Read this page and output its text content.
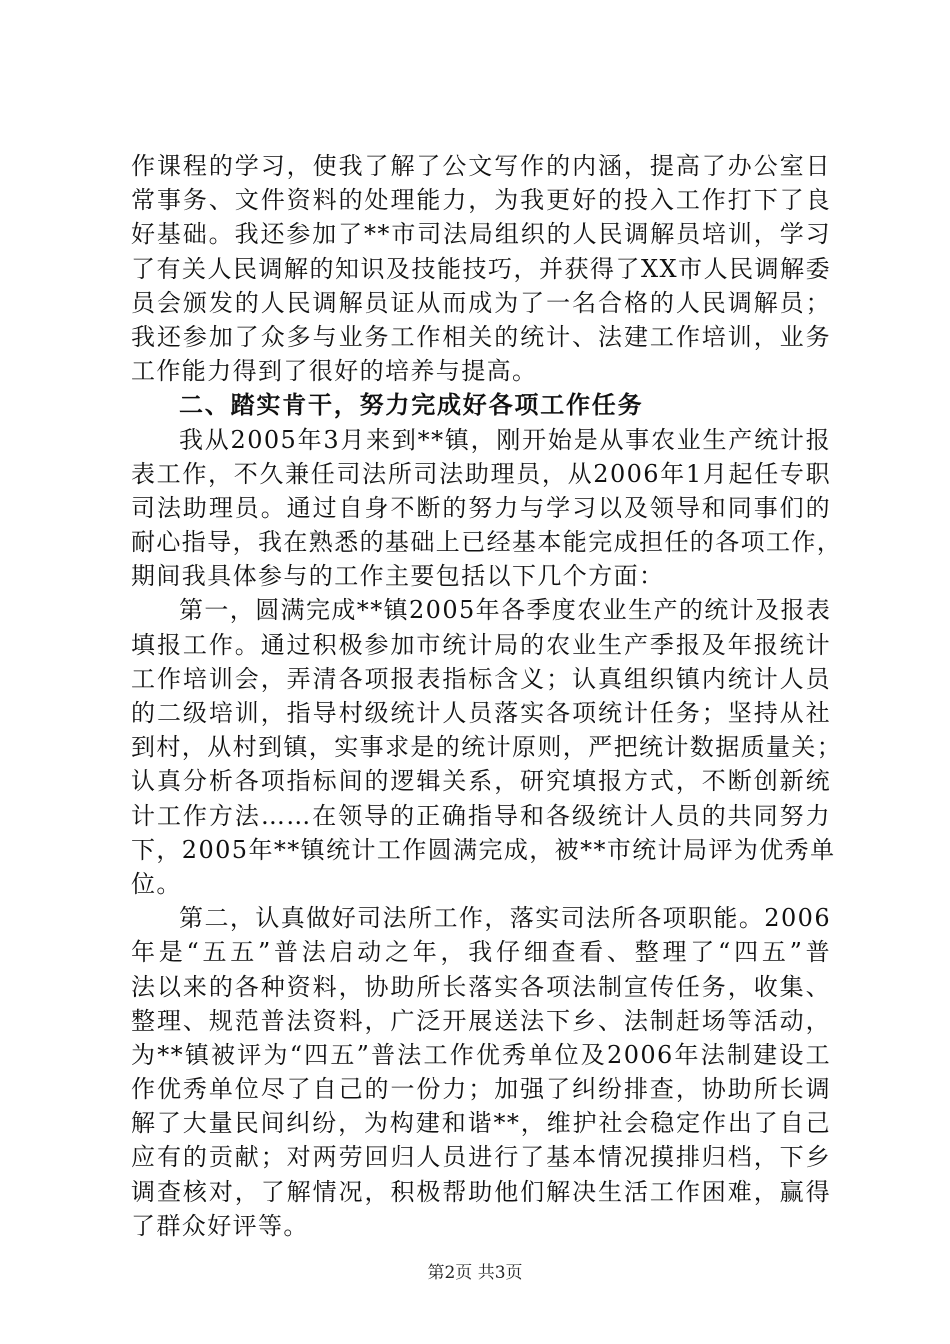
作课程的学习，使我了解了公文写作的内涵，提高了办公室日
常事务、文件资料的处理能力，为我更好的投入工作打下了良
好基础。我还参加了**市司法局组织的人民调解员培训，学习
了有关人民调解的知识及技能技巧，并获得了XX市人民调解委
员会颁发的人民调解员证从而成为了一名合格的人民调解员；
我还参加了众多与业务工作相关的统计、法建工作培训，业务
工作能力得到了很好的培养与提高。
二、踏实肯干，努力完成好各项工作任务
我从2005年3月来到**镇，刚开始是从事农业生产统计报
表工作，不久兼任司法所司法助理员，从2006年1月起任专职
司法助理员。通过自身不断的努力与学习以及领导和同事们的
耐心指导，我在熟悉的基础上已经基本能完成担任的各项工作，
期间我具体参与的工作主要包括以下几个方面：
第一，圆满完成**镇2005年各季度农业生产的统计及报表
填报工作。通过积极参加市统计局的农业生产季报及年报统计
工作培训会，弄清各项报表指标含义；认真组织镇内统计人员
的二级培训，指导村级统计人员落实各项统计任务；坚持从社
到村，从村到镇，实事求是的统计原则，严把统计数据质量关；
认真分析各项指标间的逻辑关系，研究填报方式，不断创新统
计工作方法……在领导的正确指导和各级统计人员的共同努力
下，2005年**镇统计工作圆满完成，被**市统计局评为优秀单
位。
第二，认真做好司法所工作，落实司法所各项职能。2006
年是“五五”普法启动之年，我仔细查看、整理了“四五”普
法以来的各种资料，协助所长落实各项法制宣传任务，收集、
整理、规范普法资料，广泛开展送法下乡、法制赶场等活动，
为**镇被评为“四五”普法工作优秀单位及2006年法制建设工
作优秀单位尽了自己的一份力；加强了纠纷排查，协助所长调
解了大量民间纠纷，为构建和谐**，维护社会稳定作出了自己
应有的贡献；对两劳回归人员进行了基本情况摸排归档，下乡
调查核对，了解情况，积极帮助他们解决生活工作困难，赢得
了群众好评等。
第2页 共3页
